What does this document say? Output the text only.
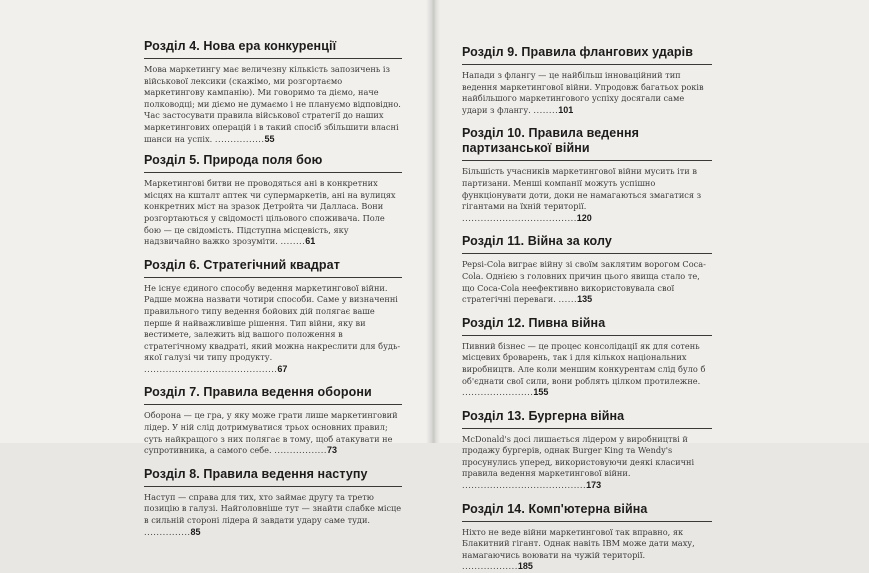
Розділ 4. Нова ера конкуренції
Мова маркетингу має величезну кількість запозичень із військової лексики (скажімо, ми розгортаємо маркетингову кампанію). Ми говоримо та діємо, наче полководці; ми діємо не думаємо і не плануємо відповідно. Час застосувати правила військової стратегії до наших маркетингових операцій і в такий спосіб збільшити власні шанси на успіх. ................55
Розділ 5. Природа поля бою
Маркетингові битви не проводяться ані в конкретних місцях на кшталт аптек чи супермаркетів, ані на вулицях конкретних міст на зразок Детройта чи Далласа. Вони розгортаються у свідомості цільового споживача. Поле бою — це свідомість. Підступна місцевість, яку надзвичайно важко зрозуміти. ........61
Розділ 6. Стратегічний квадрат
Не існує єдиного способу ведення маркетингової війни. Радше можна назвати чотири способи. Саме у визначенні правильного типу ведення бойових дій полягає ваше перше й найважливіше рішення. Тип війни, яку ви вестимете, залежить від вашого положення в стратегічному квадраті, який можна накреслити для будь-якої галузі чи типу продукту. ...........................................67
Розділ 7. Правила ведення оборони
Оборона — це гра, у яку може грати лише маркетинговий лідер. У ній слід дотримуватися трьох основних правил; суть найкращого з них полягає в тому, щоб атакувати не супротивника, а самого себе. .................73
Розділ 8. Правила ведення наступу
Наступ — справа для тих, хто займає другу та третю позицію в галузі. Найголовніше тут — знайти слабке місце в сильній стороні лідера й завдати удару саме туди. ...............85
Розділ 9. Правила флангових ударів
Напади з флангу — це найбільш інноваційний тип ведення маркетингової війни. Упродовж багатьох років найбільшого маркетингового успіху досягали саме удари з флангу. ........101
Розділ 10. Правила ведення партизанської війни
Більшість учасників маркетингової війни мусить іти в партизани. Менші компанії можуть успішно функціонувати доти, доки не намагаються змагатися з гігантами на їхній території. .....................................120
Розділ 11. Війна за колу
Pepsi-Cola виграє війну зі своїм заклятим ворогом Coca-Cola. Однією з головних причин цього явища стало те, що Coca-Cola неефективно використовувала свої стратегічні переваги. ......135
Розділ 12. Пивна війна
Пивний бізнес — це процес консолідації як для сотень місцевих броварень, так і для кількох національних виробництв. Але коли меншим конкурентам слід було б об'єднати свої сили, вони роблять цілком протилежне. .......................155
Розділ 13. Бургерна війна
McDonald's досі лишається лідером у виробництві й продажу бургерів, однак Burger King та Wendy's просунулись уперед, використовуючи деякі класичні правила ведення маркетингової війни. ........................................173
Розділ 14. Комп'ютерна війна
Ніхто не веде війни маркетингової так вправно, як Блакитний гігант. Однак навіть IBM може дати маху, намагаючись воювати на чужій території. ..................185
